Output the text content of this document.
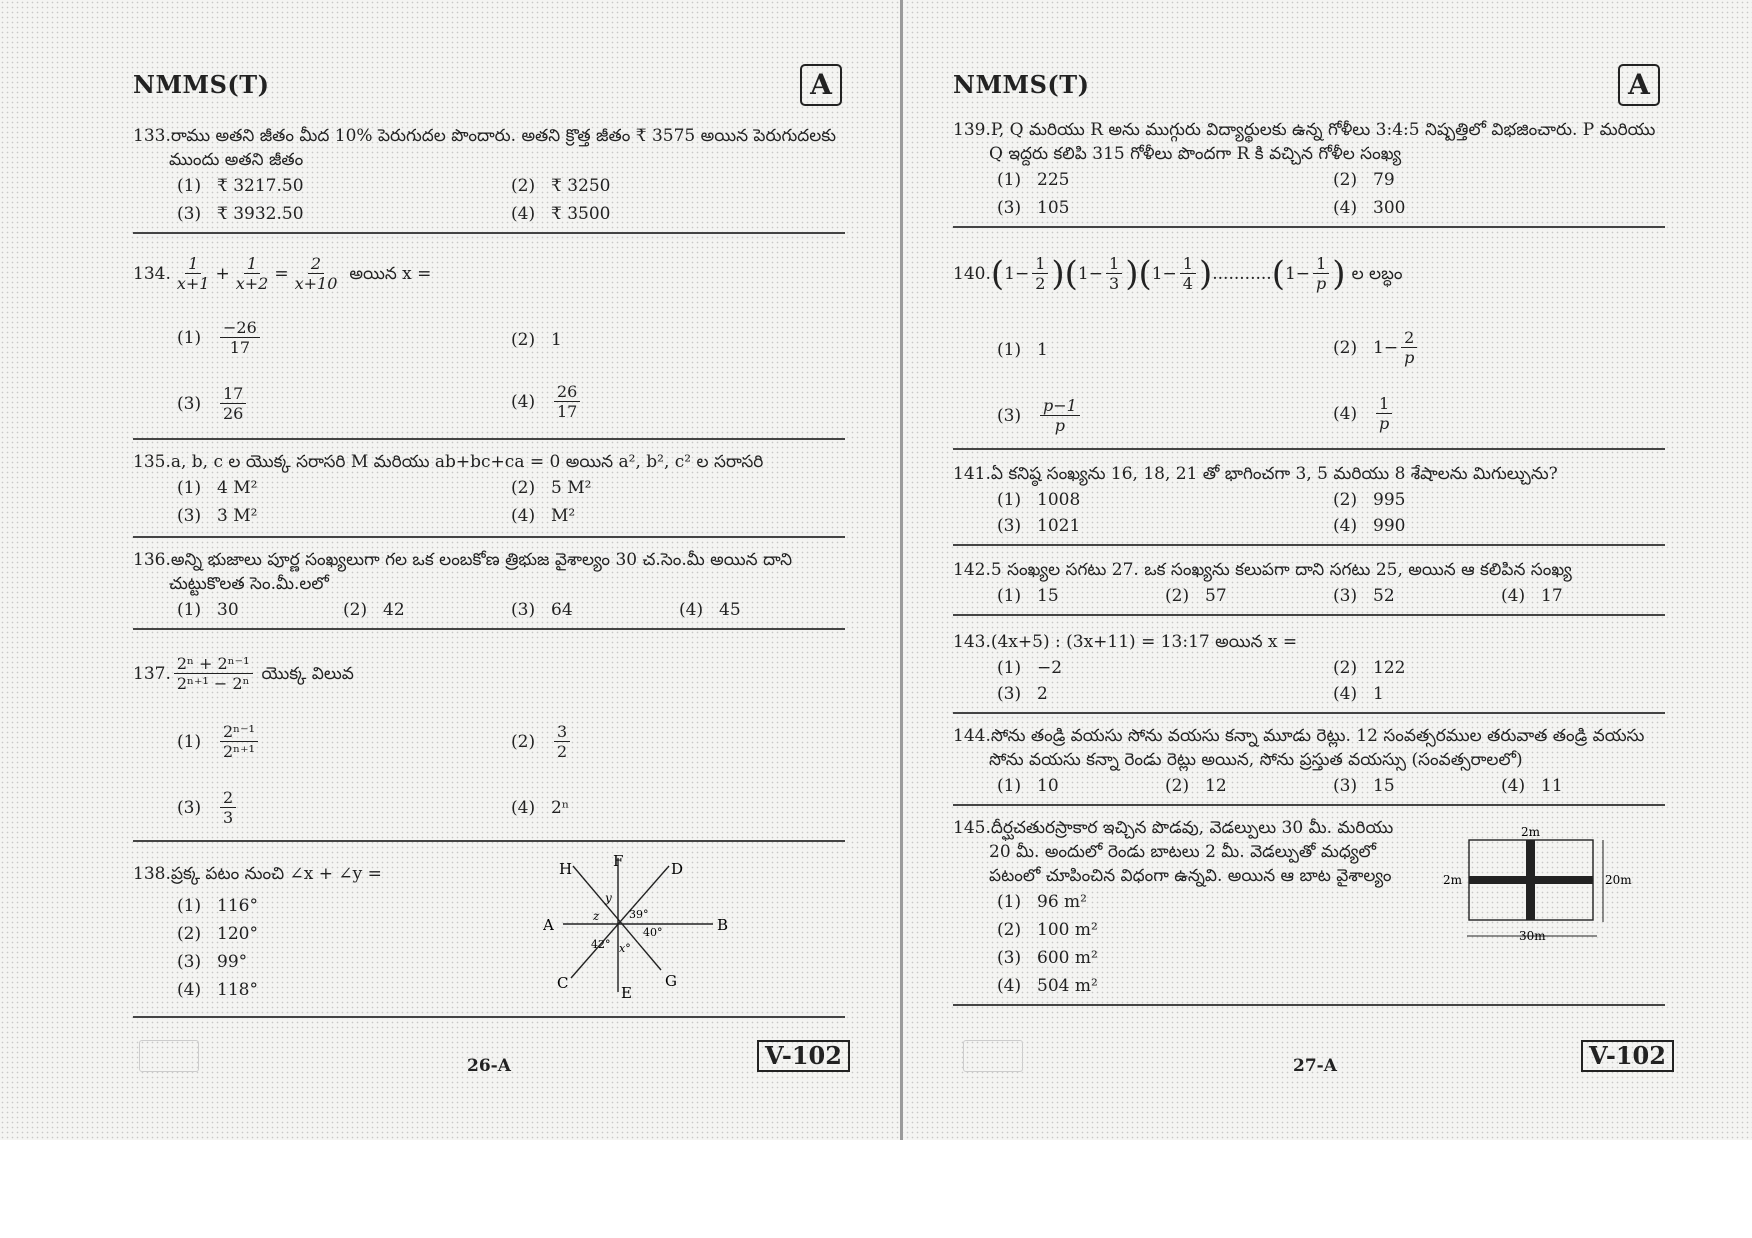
NMMS(T)	A
133. రాము అతని జీతం మీద 10% పెరుగుదల పొందారు. అతని క్రొత్త జీతం ₹ 3575 అయిన పెరుగుదలకు
ముందు అతని జీతం
(1) ₹ 3217.50	(2) ₹ 3250
(3) ₹ 3932.50	(4) ₹ 3500
134. $\frac{1}{x+1} + \frac{1}{x+2} = \frac{2}{x+10}$ అయిన x =
(1)	$\frac{-26}{17}$	(2) 1
(3)	$\frac{17}{26}$	(4)	$\frac{26}{17}$
135. a, b, c ల యొక్క సరాసరి M మరియు ab+bc+ca = 0 అయిన a², b², c² ల సరాసరి
(1) 4 M²	(2) 5 M²
(3) 3 M²	(4) M²
136. అన్ని భుజాలు పూర్ణ సంఖ్యలుగా గల ఒక లంబకోణ త్రిభుజ వైశాల్యం 30 చ.సెం.మీ అయిన దాని
చుట్టుకొలత సెం.మీ.లలో
(1) 30	(2) 42	(3) 64	(4) 45
137. $\frac{\text{2ⁿ + 2ⁿ⁻¹}}{\text{2ⁿ⁺¹ − 2ⁿ}}$ యొక్క విలువ
(1)	$\frac{\text{2ⁿ⁻¹}}{\text{2ⁿ⁺¹}}$	(2)	$\frac{3}{2}$
(3)	$\frac{2}{3}$	(4) 2ⁿ
138. ప్రక్క పటం నుంచి ∠x + ∠y =
(1) 116°
(2) 120°
(3) 99°
(4) 118°
H	F	D
A	B
C
E
G
y
z
x°
39°
40°
42°
26-A	V-102
NMMS(T)	A
139. P, Q మరియు R అను ముగ్గురు విద్యార్థులకు ఉన్న గోళీలు 3:4:5 నిష్పత్తిలో విభజించారు. P మరియు
Q ఇద్దరు కలిపి 315 గోళీలు పొందగా R కి వచ్చిన గోళీల సంఖ్య
(1) 225	(2) 79
(3) 105	(4) 300
140. ( $1 - \frac{1}{2}$ ) ( $1 - \frac{1}{3}$ ) ( $1 - \frac{1}{4}$ ) ........... ( $1 - \frac{1}{p}$ ) ల లబ్ధం
(1) 1	(2) $1- \frac{2}{p}$
(3)	$\frac{p-1}{p}$	(4)	$\frac{1}{p}$
141. ఏ కనిష్ఠ సంఖ్యను 16, 18, 21 తో భాగించగా 3, 5 మరియు 8 శేషాలను మిగుల్చును?
(1) 1008	(2) 995
(3) 1021	(4) 990
142. 5 సంఖ్యల సగటు 27. ఒక సంఖ్యను కలుపగా దాని సగటు 25, అయిన ఆ కలిపిన సంఖ్య
(1) 15	(2) 57	(3) 52	(4) 17
143. (4x+5) : (3x+11) = 13:17 అయిన x =
(1) −2	(2) 122
(3) 2	(4) 1
144. సోను తండ్రి వయసు సోను వయసు కన్నా మూడు రెట్లు. 12 సంవత్సరముల తరువాత తండ్రి వయసు
సోను వయసు కన్నా రెండు రెట్లు అయిన, సోను ప్రస్తుత వయస్సు (సంవత్సరాలలో)
(1) 10	(2) 12	(3) 15	(4) 11
145. దీర్ఘచతురస్రాకార ఇచ్చిన పొడవు, వెడల్పులు 30 మీ. మరియు
20 మీ. అందులో రెండు బాటలు 2 మీ. వెడల్పుతో మధ్యలో
పటంలో చూపించిన విధంగా ఉన్నవి. అయిన ఆ బాట వైశాల్యం
(1) 96 m²
(2) 100 m²
(3) 600 m²
(4) 504 m²
2m
2m	20m
30m
27-A	V-102
